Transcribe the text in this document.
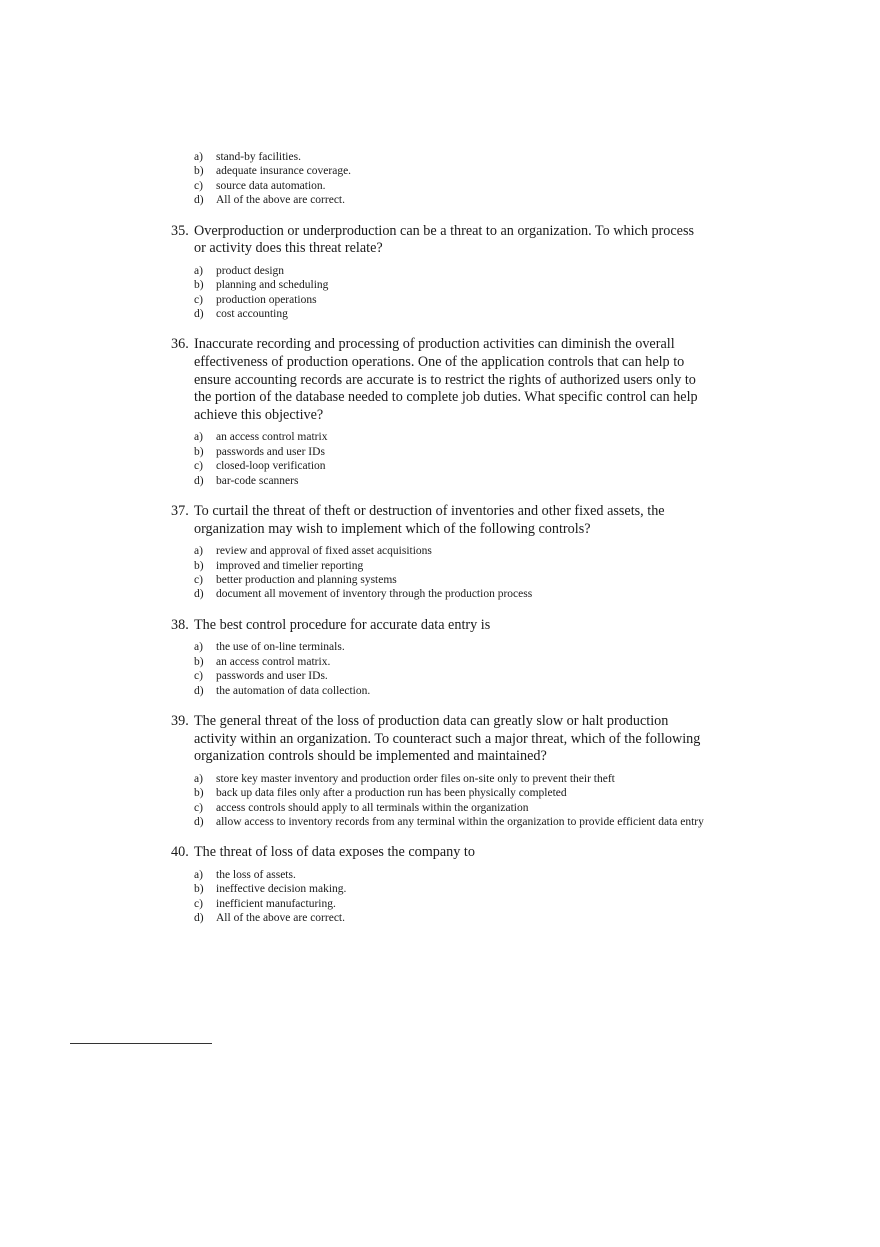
a) stand-by facilities.
b) adequate insurance coverage.
c) source data automation.
d) All of the above are correct.
35. Overproduction or underproduction can be a threat to an organization. To which process or activity does this threat relate?
a) product design
b) planning and scheduling
c) production operations
d) cost accounting
36. Inaccurate recording and processing of production activities can diminish the overall effectiveness of production operations. One of the application controls that can help to ensure accounting records are accurate is to restrict the rights of authorized users only to the portion of the database needed to complete job duties. What specific control can help achieve this objective?
a) an access control matrix
b) passwords and user IDs
c) closed-loop verification
d) bar-code scanners
37. To curtail the threat of theft or destruction of inventories and other fixed assets, the organization may wish to implement which of the following controls?
a) review and approval of fixed asset acquisitions
b) improved and timelier reporting
c) better production and planning systems
d) document all movement of inventory through the production process
38. The best control procedure for accurate data entry is
a) the use of on-line terminals.
b) an access control matrix.
c) passwords and user IDs.
d) the automation of data collection.
39. The general threat of the loss of production data can greatly slow or halt production activity within an organization. To counteract such a major threat, which of the following organization controls should be implemented and maintained?
a) store key master inventory and production order files on-site only to prevent their theft
b) back up data files only after a production run has been physically completed
c) access controls should apply to all terminals within the organization
d) allow access to inventory records from any terminal within the organization to provide efficient data entry
40. The threat of loss of data exposes the company to
a) the loss of assets.
b) ineffective decision making.
c) inefficient manufacturing.
d) All of the above are correct.
